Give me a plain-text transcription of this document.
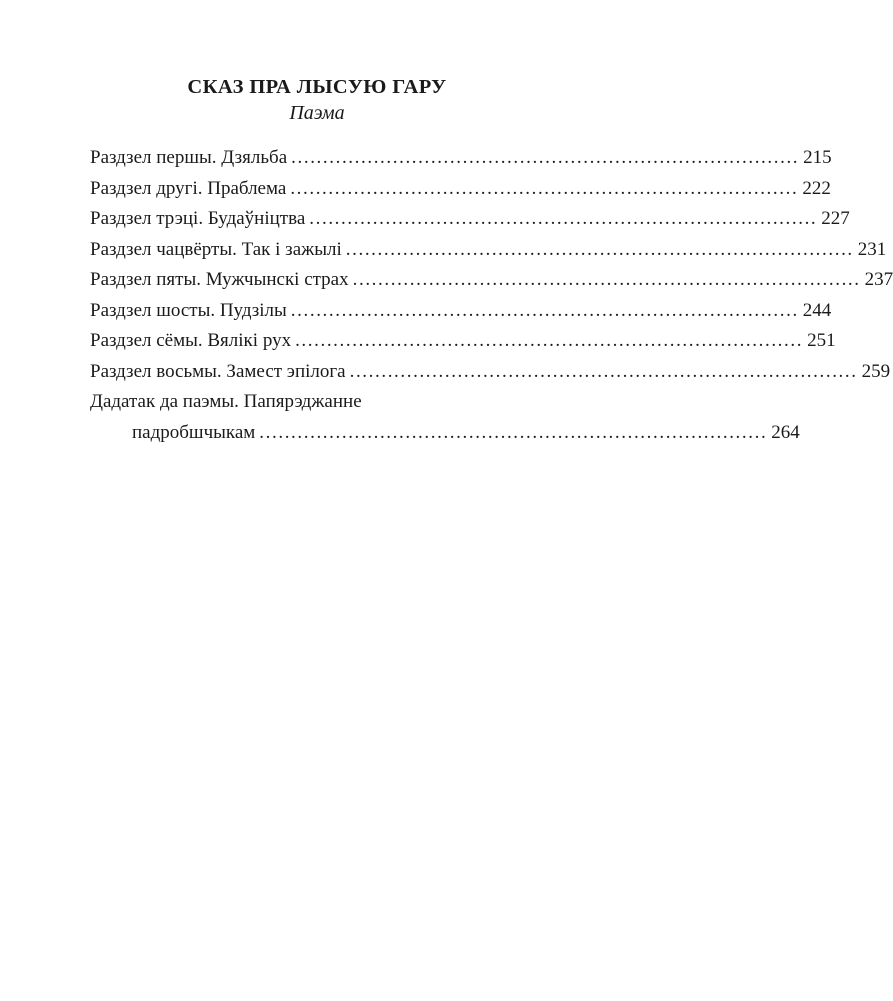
СКАЗ ПРА ЛЫСУЮ ГАРУ
Паэма
Раздзел першы. Дзяльба ................................................................................ 215
Раздзел другі. Праблема ................................................................................ 222
Раздзел трэці. Будаўніцтва ................................................................................ 227
Раздзел чацвёрты. Так і зажылі ................................................................................ 231
Раздзел пяты. Мужчынскі страх ................................................................................ 237
Раздзел шосты. Пудзілы ................................................................................ 244
Раздзел сёмы. Вялікі рух ................................................................................ 251
Раздзел восьмы. Замест эпілога ................................................................................ 259
Дадатак да паэмы. Папярэджанне
падробшчыкам ................................................................................ 264
